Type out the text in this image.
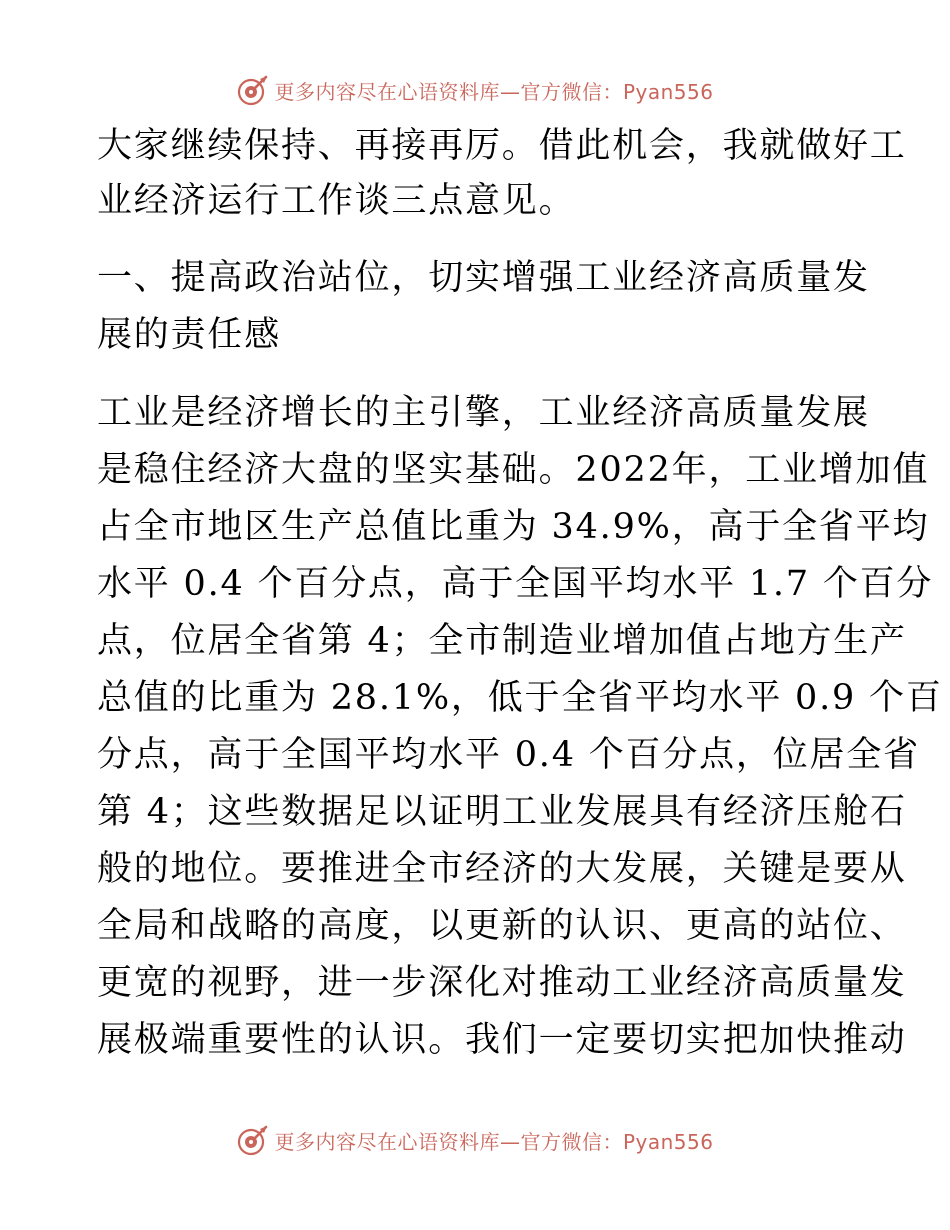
更多内容尽在心语资料库—官方微信：Pyan556
大家继续保持、再接再厉。借此机会，我就做好工
业经济运行工作谈三点意见。
一、提高政治站位，切实增强工业经济高质量发
展的责任感
工业是经济增长的主引擎，工业经济高质量发展
是稳住经济大盘的坚实基础。2022年，工业增加值
占全市地区生产总值比重为 34.9%，高于全省平均
水平 0.4 个百分点，高于全国平均水平 1.7 个百分
点，位居全省第 4；全市制造业增加值占地方生产
总值的比重为 28.1%，低于全省平均水平 0.9 个百
分点，高于全国平均水平 0.4 个百分点，位居全省
第 4；这些数据足以证明工业发展具有经济压舱石
般的地位。要推进全市经济的大发展，关键是要从
全局和战略的高度，以更新的认识、更高的站位、
更宽的视野，进一步深化对推动工业经济高质量发
展极端重要性的认识。我们一定要切实把加快推动
更多内容尽在心语资料库—官方微信：Pyan556
